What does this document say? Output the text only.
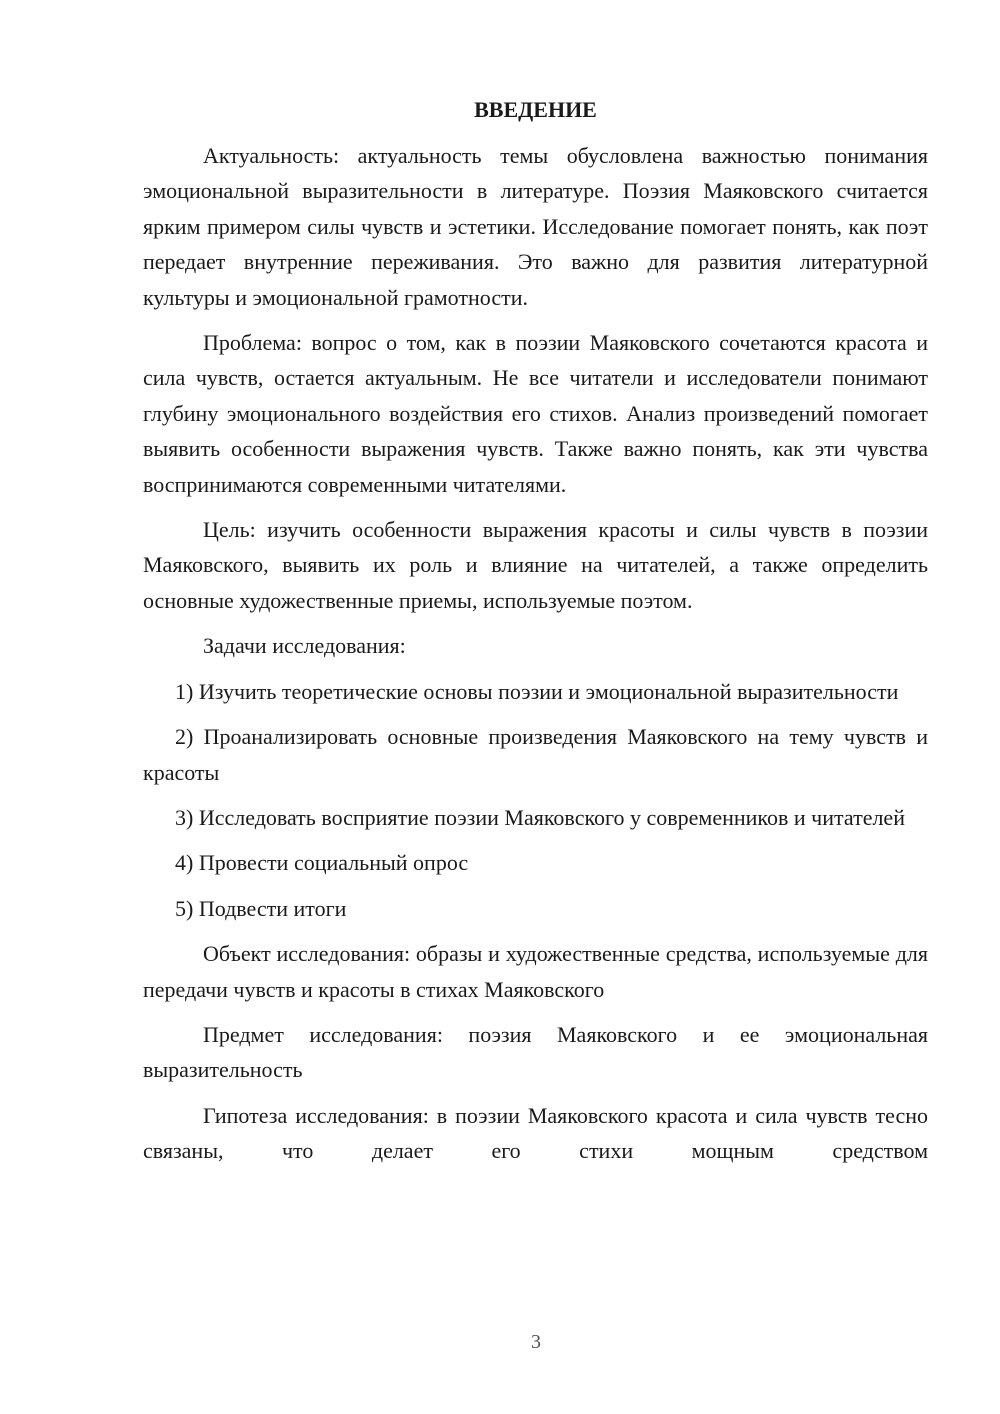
ВВЕДЕНИЕ

Актуальность: актуальность темы обусловлена важностью понимания эмоциональной выразительности в литературе. Поэзия Маяковского считается ярким примером силы чувств и эстетики. Исследование помогает понять, как поэт передает внутренние переживания. Это важно для развития литературной культуры и эмоциональной грамотности.

Проблема: вопрос о том, как в поэзии Маяковского сочетаются красота и сила чувств, остается актуальным. Не все читатели и исследователи понимают глубину эмоционального воздействия его стихов. Анализ произведений помогает выявить особенности выражения чувств. Также важно понять, как эти чувства воспринимаются современными читателями.

Цель: изучить особенности выражения красоты и силы чувств в поэзии Маяковского, выявить их роль и влияние на читателей, а также определить основные художественные приемы, используемые поэтом.

Задачи исследования:

1) Изучить теоретические основы поэзии и эмоциональной выразительности

2) Проанализировать основные произведения Маяковского на тему чувств и красоты

3) Исследовать восприятие поэзии Маяковского у современников и читателей

4) Провести социальный опрос

5) Подвести итоги

Объект исследования: образы и художественные средства, используемые для передачи чувств и красоты в стихах Маяковского

Предмет исследования: поэзия Маяковского и ее эмоциональная выразительность

Гипотеза исследования: в поэзии Маяковского красота и сила чувств тесно связаны, что делает его стихи мощным средством

3
